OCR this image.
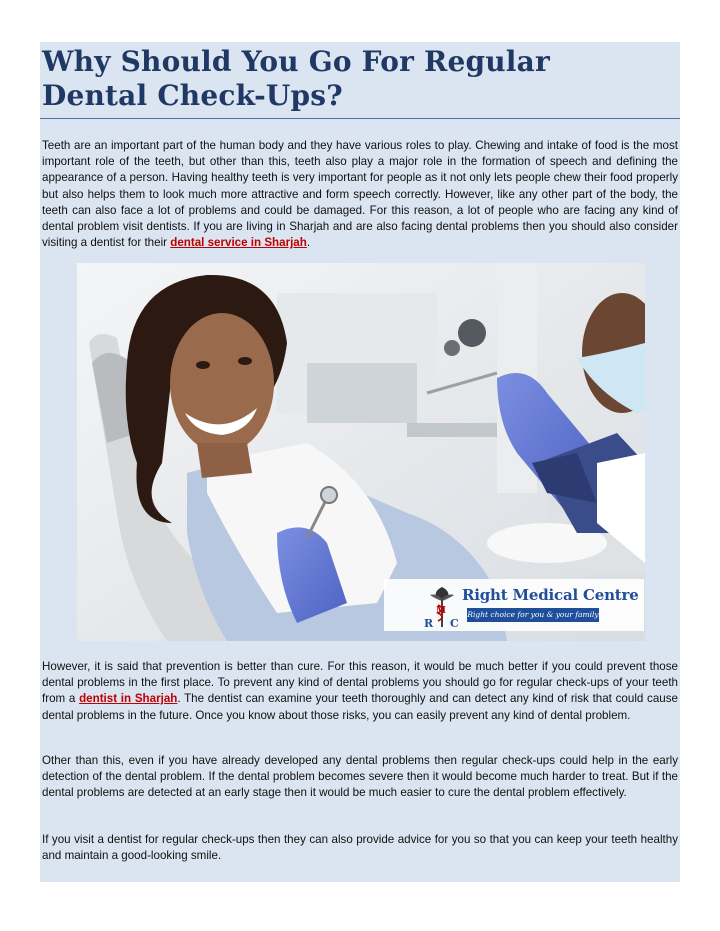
Why Should You Go For Regular Dental Check-Ups?

Teeth are an important part of the human body and they have various roles to play. Chewing and intake of food is the most important role of the teeth, but other than this, teeth also play a major role in the formation of speech and defining the appearance of a person. Having healthy teeth is very important for people as it not only lets people chew their food properly but also helps them to look much more attractive and form speech correctly. However, like any other part of the body, the teeth can also face a lot of problems and could be damaged. For this reason, a lot of people who are facing any kind of dental problem visit dentists. If you are living in Sharjah and are also facing dental problems then you should also consider visiting a dentist for their dental service in Sharjah.

R
M
C
Right Medical Centre
Right choice for you & your family

However, it is said that prevention is better than cure. For this reason, it would be much better if you could prevent those dental problems in the first place. To prevent any kind of dental problems you should go for regular check-ups of your teeth from a dentist in Sharjah. The dentist can examine your teeth thoroughly and can detect any kind of risk that could cause dental problems in the future. Once you know about those risks, you can easily prevent any kind of dental problem.

Other than this, even if you have already developed any dental problems then regular check-ups could help in the early detection of the dental problem. If the dental problem becomes severe then it would become much harder to treat. But if the dental problems are detected at an early stage then it would be much easier to cure the dental problem effectively.

If you visit a dentist for regular check-ups then they can also provide advice for you so that you can keep your teeth healthy and maintain a good-looking smile.
